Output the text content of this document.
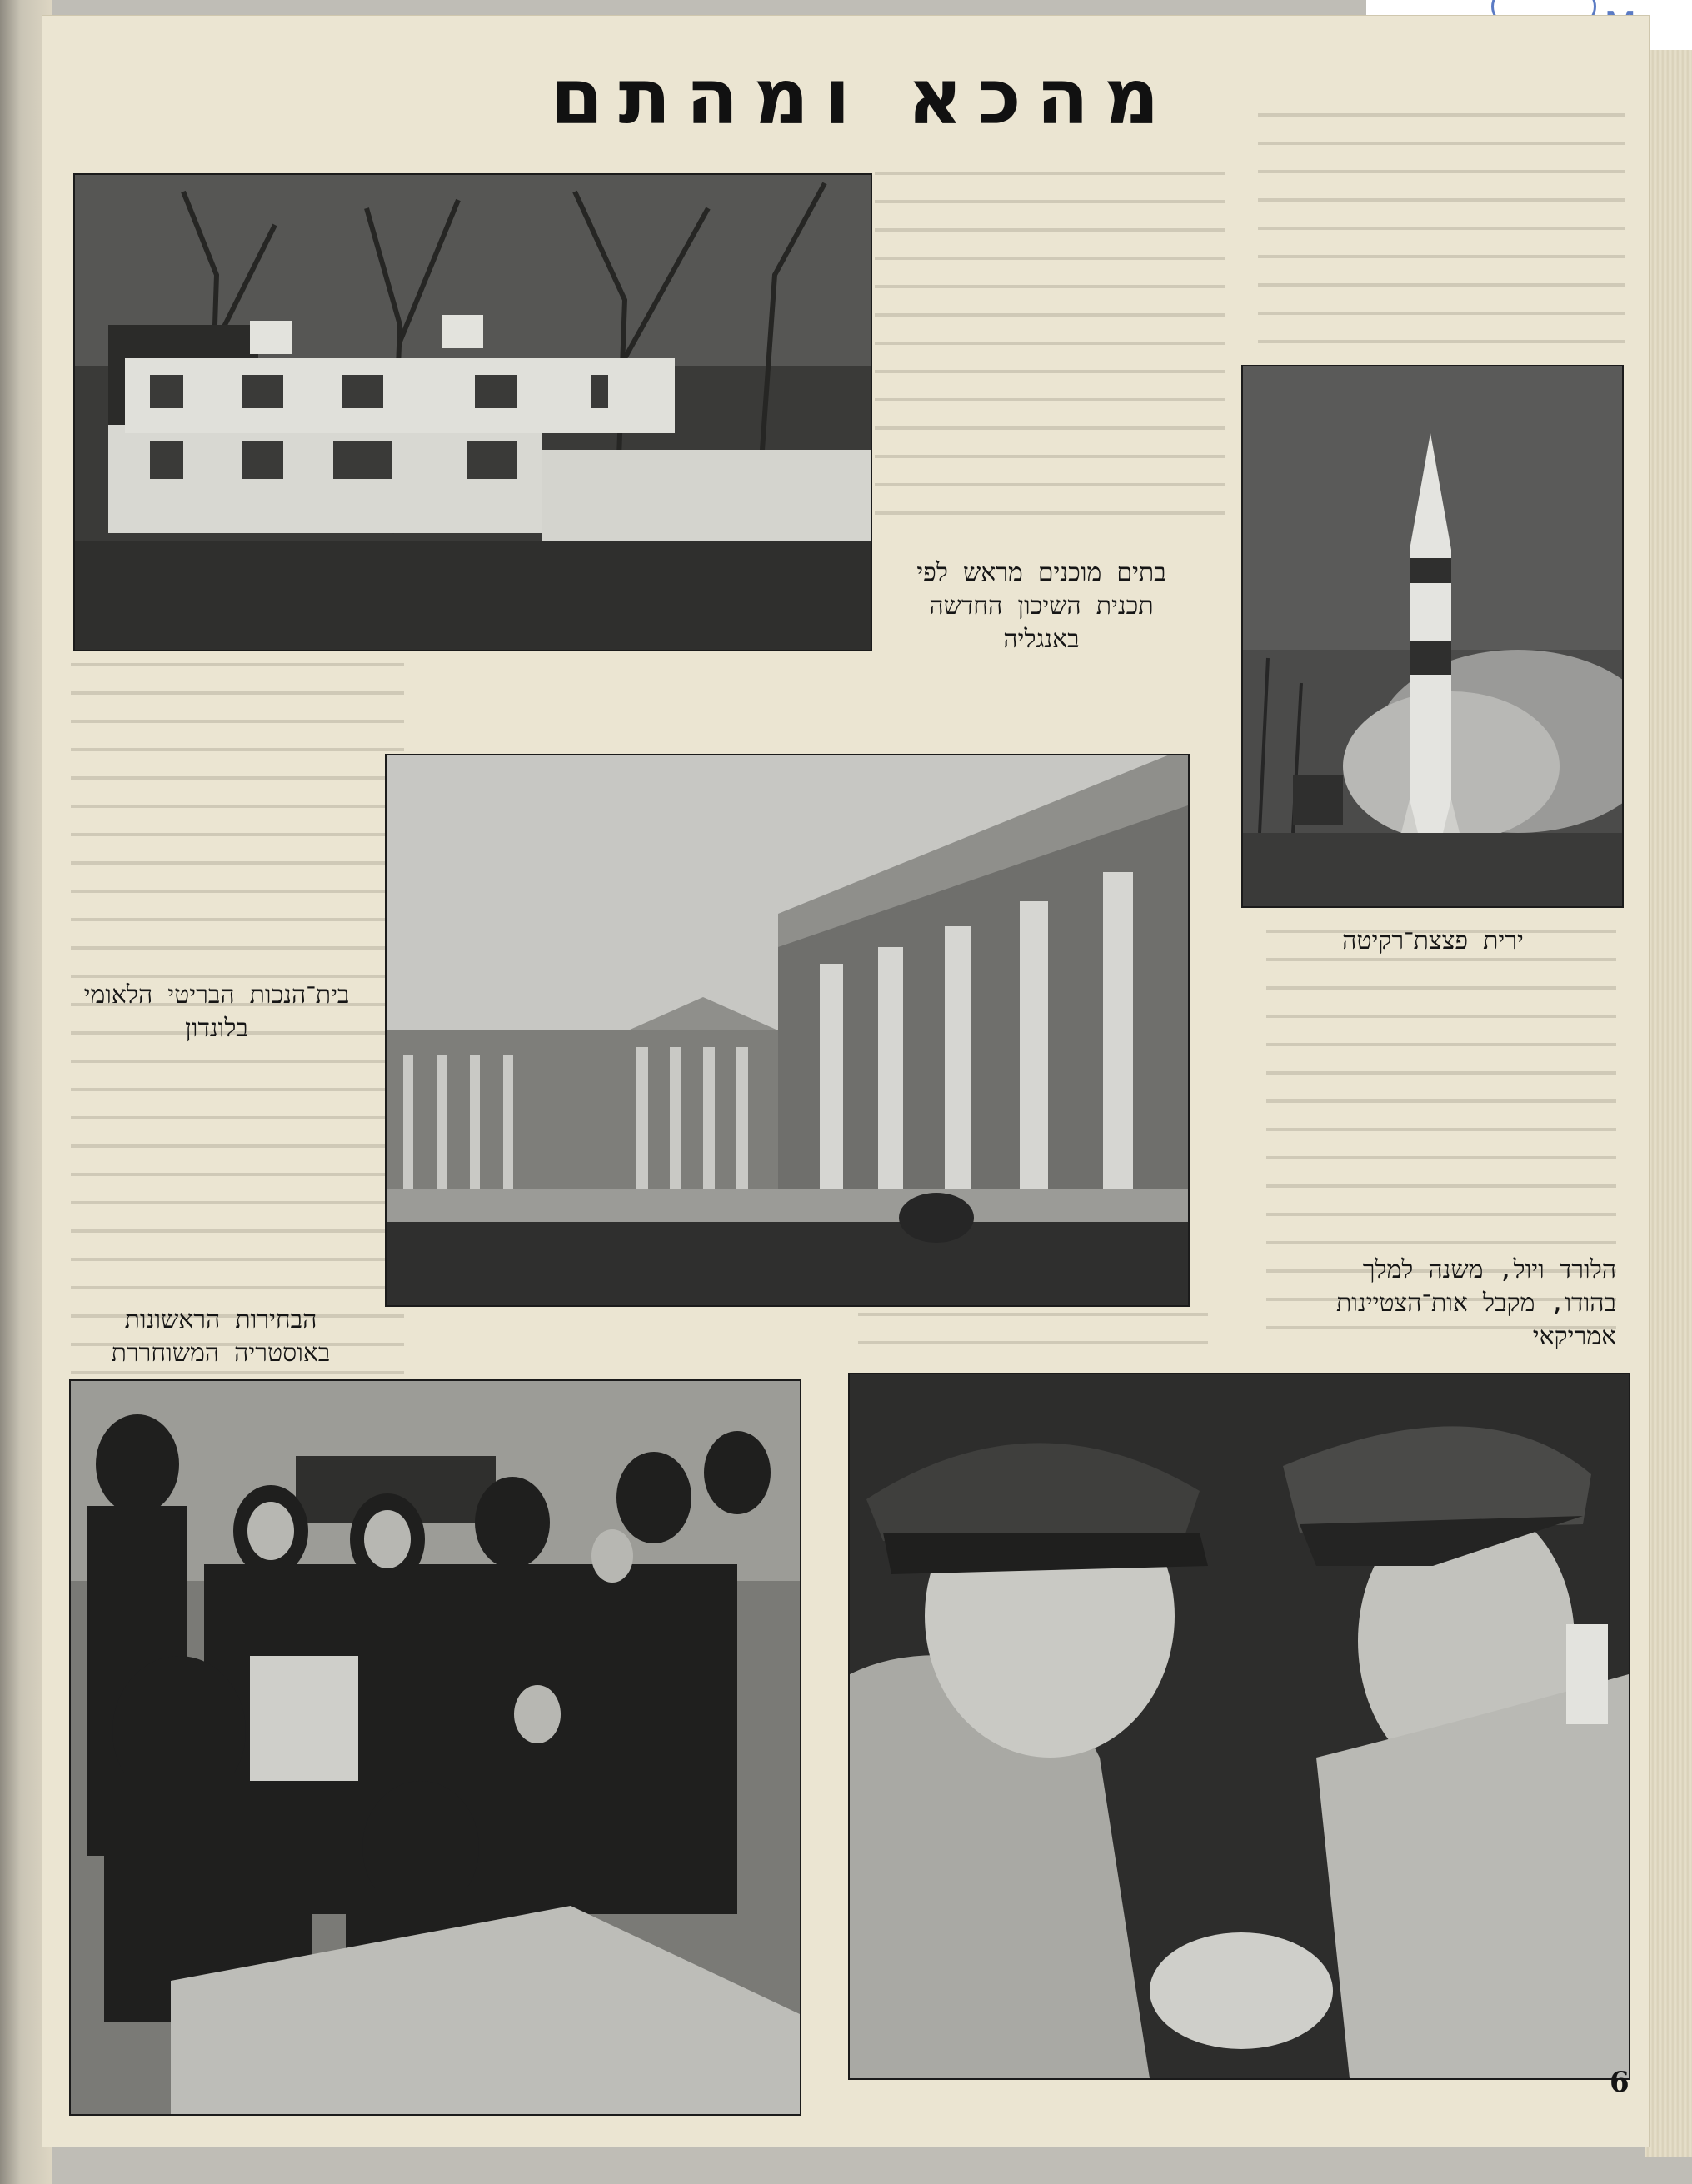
מהכא ומהתם
בתים מוכנים מראש לפי
תכנית השיכון החדשה
באנגליה
ירית פצצת־רקיטה
בית־הנכות הבריטי הלאומי
בלונדון
הבחירות הראשונות
באוסטריה המשוחררת
הלורד ויול, משנה למלך
בהודו, מקבל אות־הצטיינות
אמריקאי
6
